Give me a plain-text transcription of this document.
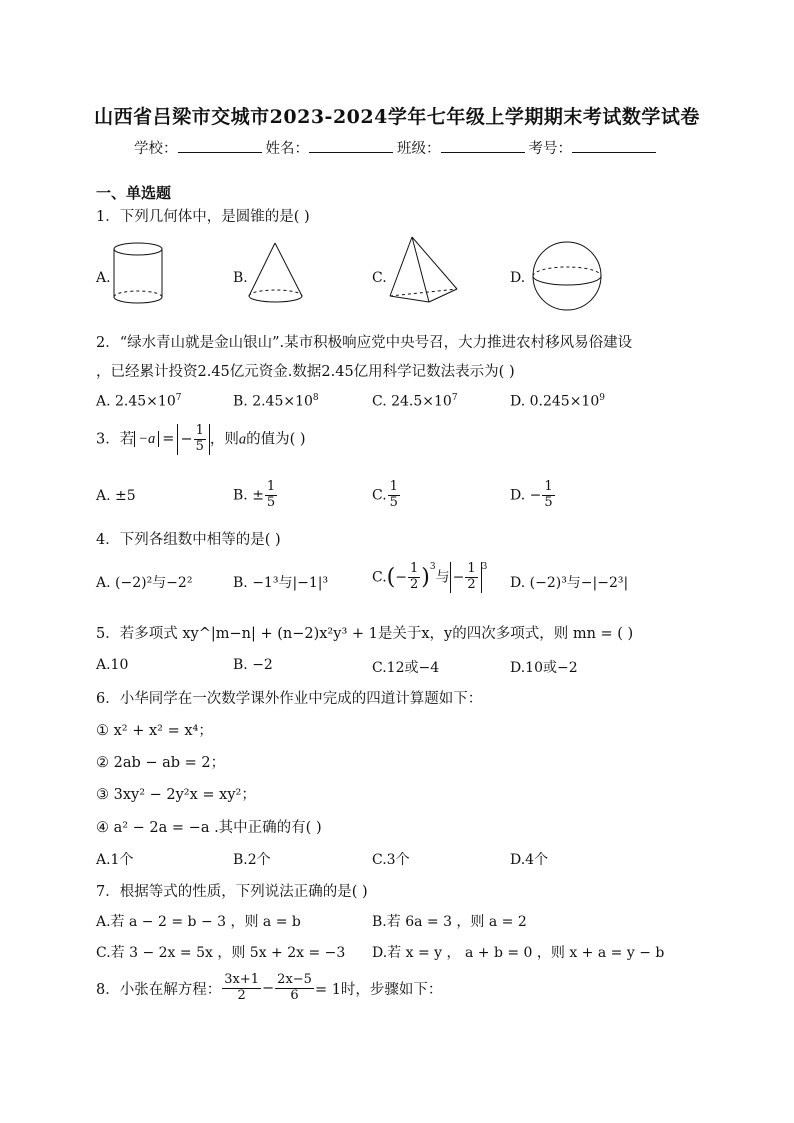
山西省吕梁市交城市2023-2024学年七年级上学期期末考试数学试卷
学校：	姓名：	班级：	考号：
一、单选题
1．下列几何体中，是圆锥的是( )
A.	B.	C.	D.
2．“绿水青山就是金山银山”.某市积极响应党中央号召，大力推进农村移风易俗建设
，已经累计投资2.45亿元资金.数据2.45亿用科学记数法表示为( )
A. $2.45\times 10^7$	B. $2.45\times 10^8$	C. $24.5\times 10^7$	D. $0.245\times 10^9$
3．若 −a = − $\frac{1}{5}$ ，则a的值为( )
A. ±5	B. ± $\frac{1}{5}$	C. $\frac{1}{5}$	D. − $\frac{1}{5}$
4．下列各组数中相等的是( )
A. (−2)²与−2²	B. −1³与|−1|³	$C.(- \frac{1}{2} )^3$与 − $\frac{1}{2} ^3$
D. (−2)³与−|−2³|
5．若多项式 xy^|m−n| + (n−2)x²y³ + 1是关于x，y的四次多项式，则 mn = ( )
A.10	B. −2	C.12或−4	D.10或−2
6．小华同学在一次数学课外作业中完成的四道计算题如下：
① x² + x² = x⁴；
② 2ab − ab = 2；
③ 3xy² − 2y²x = xy²；
④ a² − 2a = −a .其中正确的有( )
A.1个	B.2个	C.3个	D.4个
7．根据等式的性质，下列说法正确的是( )
A.若 a − 2 = b − 3 ，则 a = b	B.若 6a = 3 ，则 a = 2
C.若 3 − 2x = 5x ，则 5x + 2x = −3 D.若 x = y ， a + b = 0 ，则 x + a = y − b
8．小张在解方程： $\frac{3x+1}{2} - \frac{2x-5}{6} = 1$时，步骤如下：
